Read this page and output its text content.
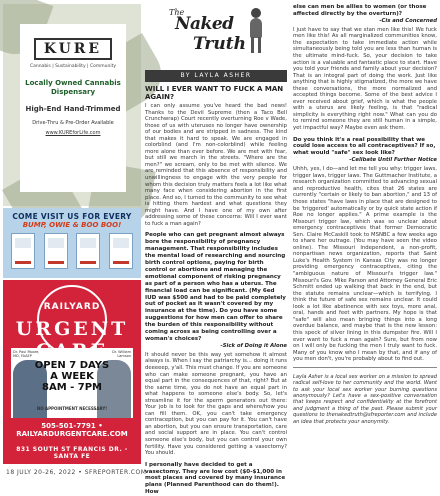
KURE
Cannabis | Sustainability | Community
Locally Owned Cannabis Dispensary
High-End Hand-Trimmed
Drive-Thru & Pre-Order Available
www.KUREforLife.com
COME VISIT US FOR EVERY
BUMP, OWIE & BOO BOO!
RAILYARD
URGENT
Dr. Paul Moore, MD, FAAEP
Dr. William Lamson
OPEN 7 DAYS
A WEEK
8AM - 7PM
NO APPOINTMENT NECESSARY!
505-501-7791 • RAILYARDURGENTCARE.COM
831 SOUTH ST FRANCIS DR. - SANTA FE
The
Naked
Truth
BY LAYLA ASHER
WILL I EVER WANT TO FUCK A MAN AGAIN?
I can only assume you've heard the bad news! Thanks to the Devil Supreme (then a Taco Bell Crunchwrap) Court recently overturning Roe v Wade, those of us with uteruses no longer have ownership of our bodies and are stripped in sadness. The kind that makes it hard to speak. We are engaged in colorblind (and I'm non-colorblind) while feeling more alone than ever before. We are met with fear, but still we march in the streets. "Where are the men?" we scream, only to be met with silence. We are reminded that this absence of responsibility and unwillingness to engage with the very people for whom this decision truly matters feels a lot like what many face when considering abortion in the first place. And so, I turned to the community to see what is hitting them hardest and what questions they might have. And I have one of my own after addressing some of these concerns: Will I ever want to fuck a man again?
People who can get pregnant almost always bore the responsibility of pregnancy management. That responsibility includes the mental load of researching and sourcing birth control options, paying for birth control or abortions and managing the emotional component of risking pregnancy as part of a person who has a uterus. The financial load can be significant. (My 6ed IUD was $500 and had to be paid completely out of pocket as it wasn't covered by my insurance at the time). Do you have some suggestions for how men can offer to share the burden of this responsibility without coming across as being controlling over a woman's choices?
-Sick of Doing it Alone
It should never be this way yet somehow it almost always is. When I say the patriarchy is... doing it runs deeeeep, y'all. This must change. If you are someone who can make someone pregnant, you have an equal part in the consequences of that, right? But at the same time, you do not have an equal part in what happens to someone else's body. So, let's streamline it for the sperm generators out there: Your job is to look for the gaps and where/how you can fill them. OK, you can't take emergency contraception, but you can pay for it. You can't have an abortion, but you can ensure transportation, care and social support are in place. You can't control someone else's body, but you can control your own fertility. Have you considered getting a vasectomy? You should.
I personally have decided to get a vasectomy. They are low cost ($0-$1,000 in most places and covered by many insurance plans (Planned Parenthood can do them!). How
else can men be allies to women (or those affected directly by the overturn)?
-Cis and Concerned
I just have to say that we stan men like this! We fuck men like this! As all marginalized communities know, the expectation to take immediate action while simultaneously being told you are less than human is the ultimate mind-fuck. So, your decision to take action is a valuable and fantastic place to start. Have you told your friends and family about your decision? That is an integral part of doing the work. Just like anything that is highly stigmatized, the more we have these conversations, the more normalized and accepted things become. Some of the best advice I ever received about grief, which is what the people with a uterus are likely feeling, is that "radical simplicity is everything right now." What can you do to remind someone they are still human in a simple, yet impactful way? Maybe even ask them.
Do you think it's a real possibility that we could lose access to all contraceptives? If so, what would "safe" sex look like?
-Celibate Until Further Notice
Uhhh, yes, I do—and let me tell you why: trigger laws, trigger laws, trigger laws. The Guttmacher Institute, a research organization committed to advancing sexual and reproductive health, cites that 26 states are currently "certain or likely to ban abortion," and 13 of those states "have laws in place that are designed to be 'triggered' automatically or by quick state action if Roe no longer applies." A prime example is the Missouri trigger law, which was so unclear about emergency contraceptives that former Democratic Sen. Claire McCaskill took to MSNBC a few weeks ago to share her outrage. (You may have seen the video online). The Missouri Independent, a non-profit, nonpartisan news organization, reports that Saint Luke's Health System in Kansas City was no longer providing emergency contraceptives, citing the "ambiguous nature of Missouri's trigger law." Missouri's Gov. Mike Parson and Attorney General Eric Schmitt ended up walking that back in the end, but the statute remains unclear—which is terrifying. I think the future of safe sex remains unclear. It could look a lot like abstinence with sex toys, more anal, oral, hands and feet with partners. My hope is that "safe" will also mean bringing things into a long overdue balance, and maybe that is the new lesson: this speck of silver lining in this dumpster fire. Will I ever want to fuck a man again? Sure, but from now on I will only be fucking the men I truly want to fuck. Many of you know who I mean by that, and if any of you men don't, you're probably about to find out.
Layla Asher is a local sex worker on a mission to spread radical self-love to her community and the world. Want to ask your local sex worker your burning questions anonymously? Let's have a sex-positive conversation that keeps respect and confidentiality at the forefront and judgment a thing of the past. Please submit your questions to thenakedtruth@sfreporter.com and include an idea that protects your anonymity.
18 JULY 20-26, 2022 • SFREPORTER.COM
